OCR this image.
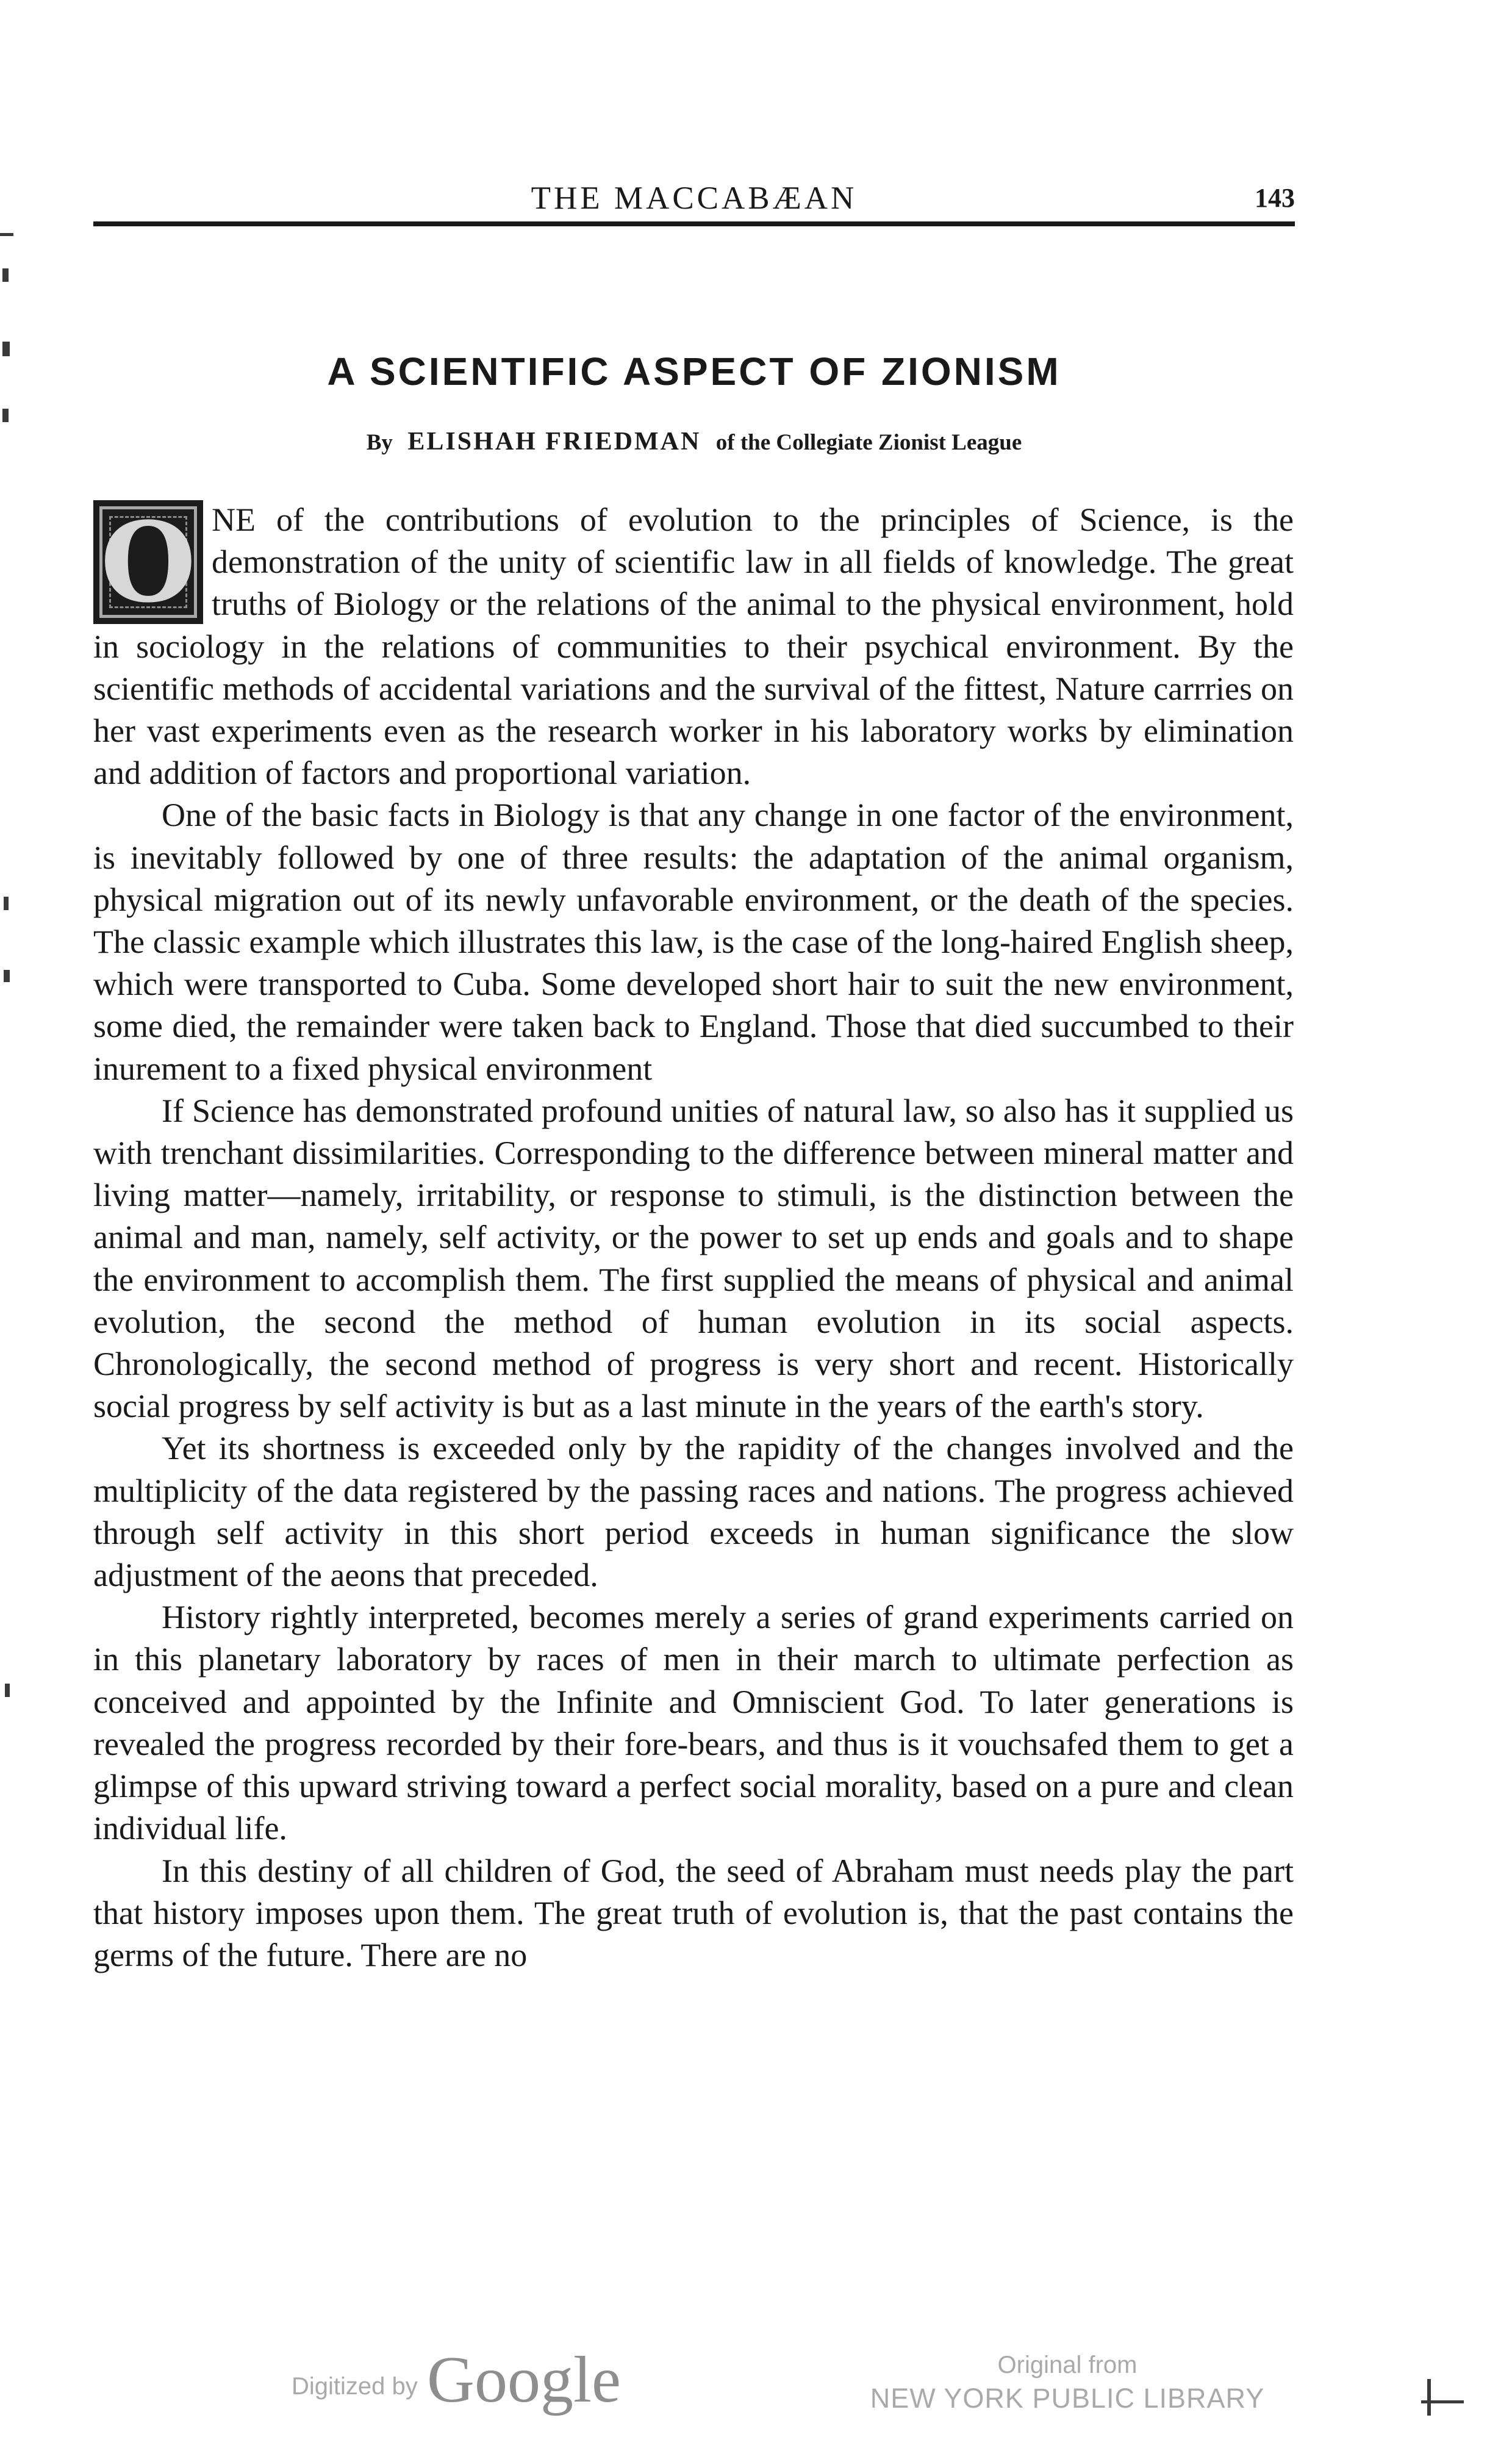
THE MACCABÆAN	143
A SCIENTIFIC ASPECT OF ZIONISM
By ELISHAH FRIEDMAN of the Collegiate Zionist League

O NE of the contributions of evolution to the principles of Science, is the demonstration of the unity of scientific law in all fields of knowledge. The great truths of Biology or the relations of the animal to the physical environment, hold in sociology in the relations of communities to their psychical environment. By the scientific methods of accidental variations and the survival of the fittest, Nature carrries on her vast experiments even as the research worker in his laboratory works by elimination and addition of factors and proportional variation.

One of the basic facts in Biology is that any change in one factor of the environment, is inevitably followed by one of three results: the adaptation of the animal organism, physical migration out of its newly unfavorable environment, or the death of the species. The classic example which illustrates this law, is the case of the long-haired English sheep, which were transported to Cuba. Some developed short hair to suit the new environment, some died, the remainder were taken back to England. Those that died succumbed to their inurement to a fixed physical environment

If Science has demonstrated profound unities of natural law, so also has it supplied us with trenchant dissimilarities. Corresponding to the difference between mineral matter and living matter—namely, irritability, or response to stimuli, is the distinction between the animal and man, namely, self activity, or the power to set up ends and goals and to shape the environment to accomplish them. The first supplied the means of physical and animal evolution, the second the method of human evolution in its social aspects. Chronologically, the second method of progress is very short and recent. Historically social progress by self activity is but as a last minute in the years of the earth's story.

Yet its shortness is exceeded only by the rapidity of the changes involved and the multiplicity of the data registered by the passing races and nations. The progress achieved through self activity in this short period exceeds in human significance the slow adjustment of the aeons that preceded.

History rightly interpreted, becomes merely a series of grand experiments carried on in this planetary laboratory by races of men in their march to ultimate perfection as conceived and appointed by the Infinite and Omniscient God. To later generations is revealed the progress recorded by their fore-bears, and thus is it vouchsafed them to get a glimpse of this upward striving toward a perfect social morality, based on a pure and clean individual life.

In this destiny of all children of God, the seed of Abraham must needs play the part that history imposes upon them. The great truth of evolution is, that the past contains the germs of the future. There are no

Digitized by Google	Original from
NEW YORK PUBLIC LIBRARY
